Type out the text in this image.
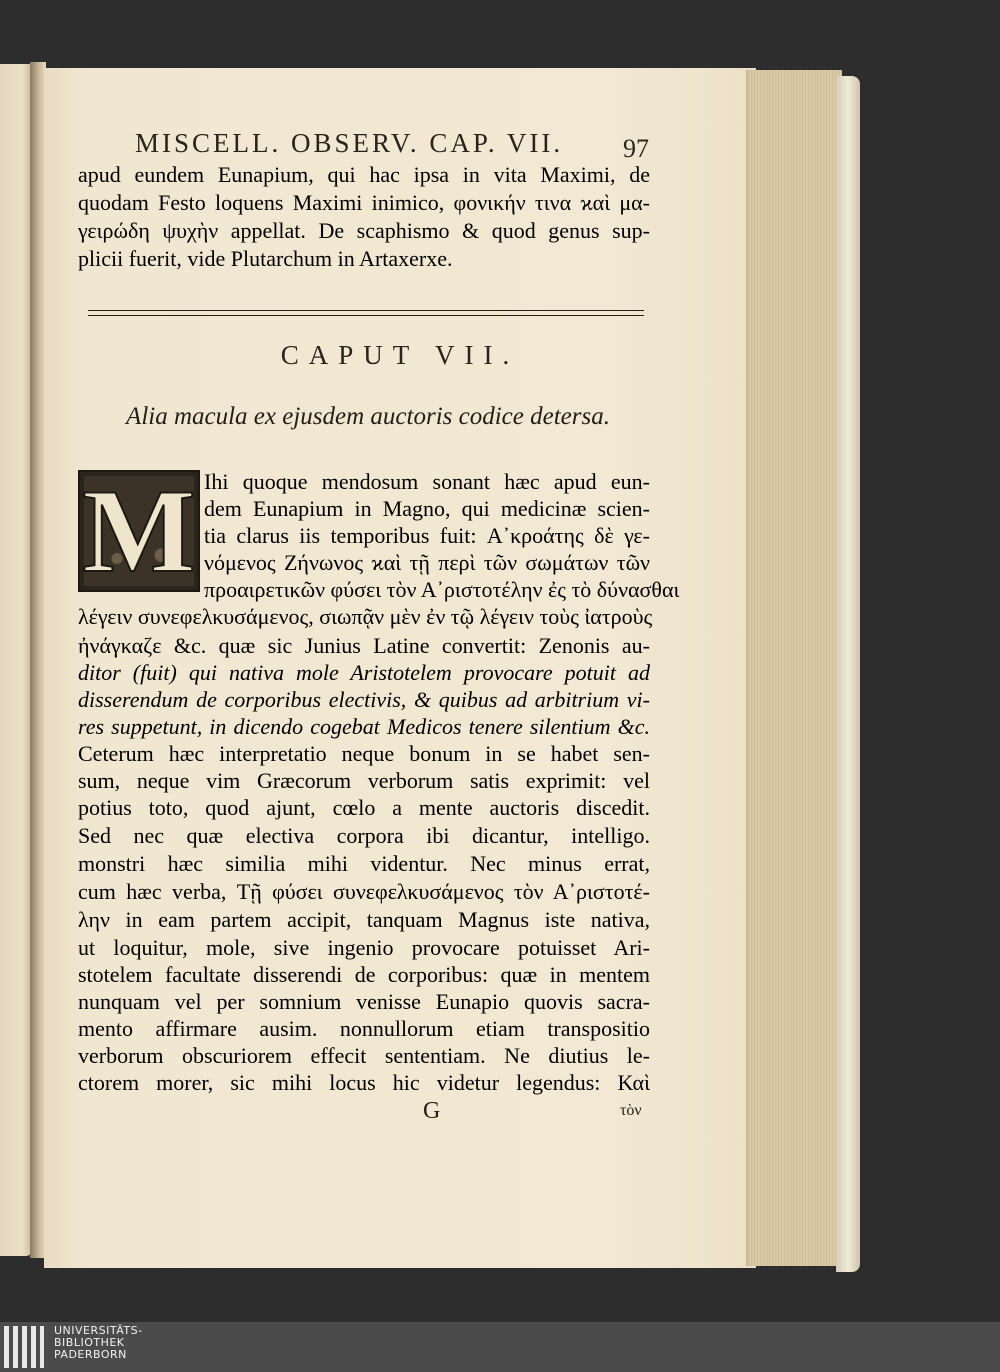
MISCELL. OBSERV. CAP. VII. 97
apud eundem Eunapium, qui hac ipsa in vita Maximi, de
quodam Festo loquens Maximi inimico, φονικήν τινα ϰαὶ μα-
γειρώδη ψυχὴν appellat. De scaphismo & quod genus sup-
plicii fuerit, vide Plutarchum in Artaxerxe.
CAPUT VII.
Alia macula ex ejusdem auctoris codice detersa.
M Ihi quoque mendosum sonant hæc apud eun-
dem Eunapium in Magno, qui medicinæ scien-
tia clarus iis temporibus fuit: Α᾽κροάτης δὲ γε-
νόμενος Ζήνωνος ϰαὶ τῇ περὶ τῶν σωμάτων τῶν
προαιρετικῶν φύσει τὸν Α᾽ριστοτέλην ἐς τὸ δύνασθαι
λέγειν συνεφελκυσάμενος, σιωπᾷν μὲν ἐν τῷ λέγειν τοὺς ἰατροὺς
ἠνάγκαζε &c. quæ sic Junius Latine convertit: Zenonis au-
ditor (fuit) qui nativa mole Aristotelem provocare potuit ad
disserendum de corporibus electivis, & quibus ad arbitrium vi-
res suppetunt, in dicendo cogebat Medicos tenere silentium &c.
Ceterum hæc interpretatio neque bonum in se habet sen-
sum, neque vim Græcorum verborum satis exprimit: vel
potius toto, quod ajunt, cœlo a mente auctoris discedit.
Sed nec quæ electiva corpora ibi dicantur, intelligo.
monstri hæc similia mihi videntur. Nec minus errat,
cum hæc verba, Τῇ φύσει συνεφελκυσάμενος τὸν Α᾽ριστοτέ-
λην in eam partem accipit, tanquam Magnus iste nativa,
ut loquitur, mole, sive ingenio provocare potuisset Ari-
stotelem facultate disserendi de corporibus: quæ in mentem
nunquam vel per somnium venisse Eunapio quovis sacra-
mento affirmare ausim. nonnullorum etiam transpositio
verborum obscuriorem effecit sententiam. Ne diutius le-
ctorem morer, sic mihi locus hic videtur legendus: Καὶ
G	τὸν
UNIVERSITÄTS-
BIBLIOTHEK
PADERBORN
